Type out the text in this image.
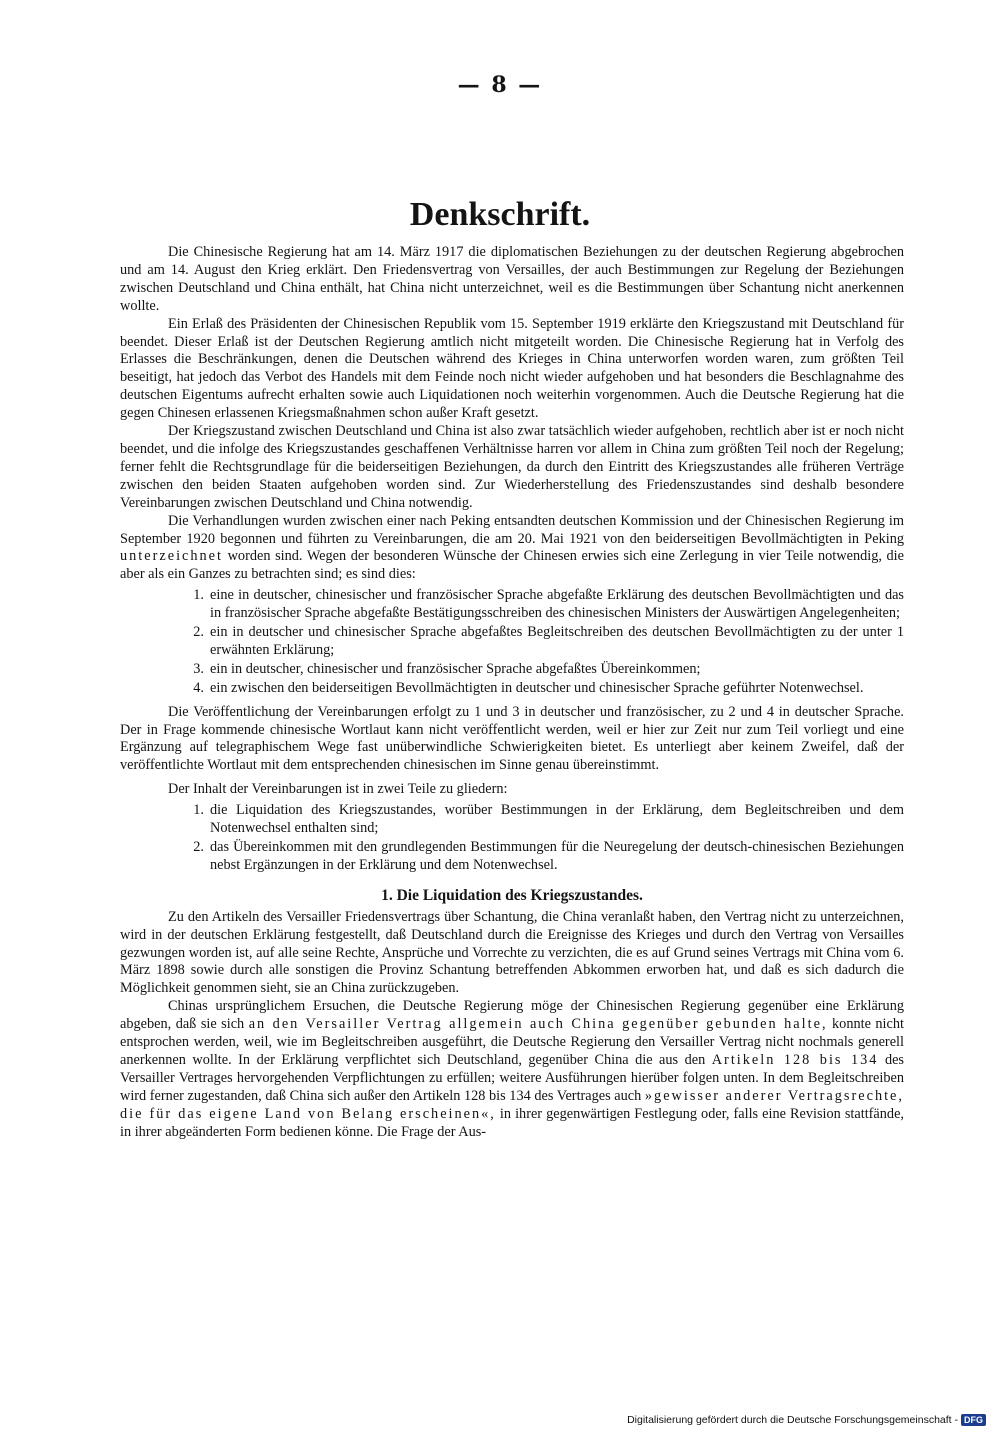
— 8 —
Denkschrift.

Die Chinesische Regierung hat am 14. März 1917 die diplomatischen Beziehungen zu der deutschen Regierung abgebrochen und am 14. August den Krieg erklärt. Den Friedensvertrag von Versailles, der auch Bestimmungen zur Regelung der Beziehungen zwischen Deutschland und China enthält, hat China nicht unterzeichnet, weil es die Bestimmungen über Schantung nicht anerkennen wollte.

Ein Erlaß des Präsidenten der Chinesischen Republik vom 15. September 1919 erklärte den Kriegszustand mit Deutschland für beendet. Dieser Erlaß ist der Deutschen Regierung amtlich nicht mitgeteilt worden. Die Chinesische Regierung hat in Verfolg des Erlasses die Beschränkungen, denen die Deutschen während des Krieges in China unterworfen worden waren, zum größten Teil beseitigt, hat jedoch das Verbot des Handels mit dem Feinde noch nicht wieder aufgehoben und hat besonders die Beschlagnahme des deutschen Eigentums aufrecht erhalten sowie auch Liquidationen noch weiterhin vorgenommen. Auch die Deutsche Regierung hat die gegen Chinesen erlassenen Kriegsmaßnahmen schon außer Kraft gesetzt.

Der Kriegszustand zwischen Deutschland und China ist also zwar tatsächlich wieder aufgehoben, rechtlich aber ist er noch nicht beendet, und die infolge des Kriegszustandes geschaffenen Verhältnisse harren vor allem in China zum größten Teil noch der Regelung; ferner fehlt die Rechtsgrundlage für die beiderseitigen Beziehungen, da durch den Eintritt des Kriegszustandes alle früheren Verträge zwischen den beiden Staaten aufgehoben worden sind. Zur Wiederherstellung des Friedenszustandes sind deshalb besondere Vereinbarungen zwischen Deutschland und China notwendig.

Die Verhandlungen wurden zwischen einer nach Peking entsandten deutschen Kommission und der Chinesischen Regierung im September 1920 begonnen und führten zu Vereinbarungen, die am 20. Mai 1921 von den beiderseitigen Bevollmächtigten in Peking unterzeichnet worden sind. Wegen der besonderen Wünsche der Chinesen erwies sich eine Zerlegung in vier Teile notwendig, die aber als ein Ganzes zu betrachten sind; es sind dies:

1. eine in deutscher, chinesischer und französischer Sprache abgefaßte Erklärung des deutschen Bevollmächtigten und das in französischer Sprache abgefaßte Bestätigungsschreiben des chinesischen Ministers der Auswärtigen Angelegenheiten;
2. ein in deutscher und chinesischer Sprache abgefaßtes Begleitschreiben des deutschen Bevollmächtigten zu der unter 1 erwähnten Erklärung;
3. ein in deutscher, chinesischer und französischer Sprache abgefaßtes Übereinkommen;
4. ein zwischen den beiderseitigen Bevollmächtigten in deutscher und chinesischer Sprache geführter Notenwechsel.

Die Veröffentlichung der Vereinbarungen erfolgt zu 1 und 3 in deutscher und französischer, zu 2 und 4 in deutscher Sprache. Der in Frage kommende chinesische Wortlaut kann nicht veröffentlicht werden, weil er hier zur Zeit nur zum Teil vorliegt und eine Ergänzung auf telegraphischem Wege fast unüberwindliche Schwierigkeiten bietet. Es unterliegt aber keinem Zweifel, daß der veröffentlichte Wortlaut mit dem entsprechenden chinesischen im Sinne genau übereinstimmt.

Der Inhalt der Vereinbarungen ist in zwei Teile zu gliedern:

1. die Liquidation des Kriegszustandes, worüber Bestimmungen in der Erklärung, dem Begleitschreiben und dem Notenwechsel enthalten sind;
2. das Übereinkommen mit den grundlegenden Bestimmungen für die Neuregelung der deutsch-chinesischen Beziehungen nebst Ergänzungen in der Erklärung und dem Notenwechsel.
1. Die Liquidation des Kriegszustandes.

Zu den Artikeln des Versailler Friedensvertrags über Schantung, die China veranlaßt haben, den Vertrag nicht zu unterzeichnen, wird in der deutschen Erklärung festgestellt, daß Deutschland durch die Ereignisse des Krieges und durch den Vertrag von Versailles gezwungen worden ist, auf alle seine Rechte, Ansprüche und Vorrechte zu verzichten, die es auf Grund seines Vertrags mit China vom 6. März 1898 sowie durch alle sonstigen die Provinz Schantung betreffenden Abkommen erworben hat, und daß es sich dadurch die Möglichkeit genommen sieht, sie an China zurückzugeben.

Chinas ursprünglichem Ersuchen, die Deutsche Regierung möge der Chinesischen Regierung gegenüber eine Erklärung abgeben, daß sie sich an den Versailler Vertrag allgemein auch China gegenüber gebunden halte, konnte nicht entsprochen werden, weil, wie im Begleitschreiben ausgeführt, die Deutsche Regierung den Versailler Vertrag nicht nochmals generell anerkennen wollte. In der Erklärung verpflichtet sich Deutschland, gegenüber China die aus den Artikeln 128 bis 134 des Versailler Vertrages hervorgehenden Verpflichtungen zu erfüllen; weitere Ausführungen hierüber folgen unten. In dem Begleitschreiben wird ferner zugestanden, daß China sich außer den Artikeln 128 bis 134 des Vertrages auch »gewisser anderer Vertragsrechte, die für das eigene Land von Belang erscheinen«, in ihrer gegenwärtigen Festlegung oder, falls eine Revision stattfände, in ihrer abgeänderten Form bedienen könne. Die Frage der Aus-

Digitalisierung gefördert durch die Deutsche Forschungsgemeinschaft - DFG
